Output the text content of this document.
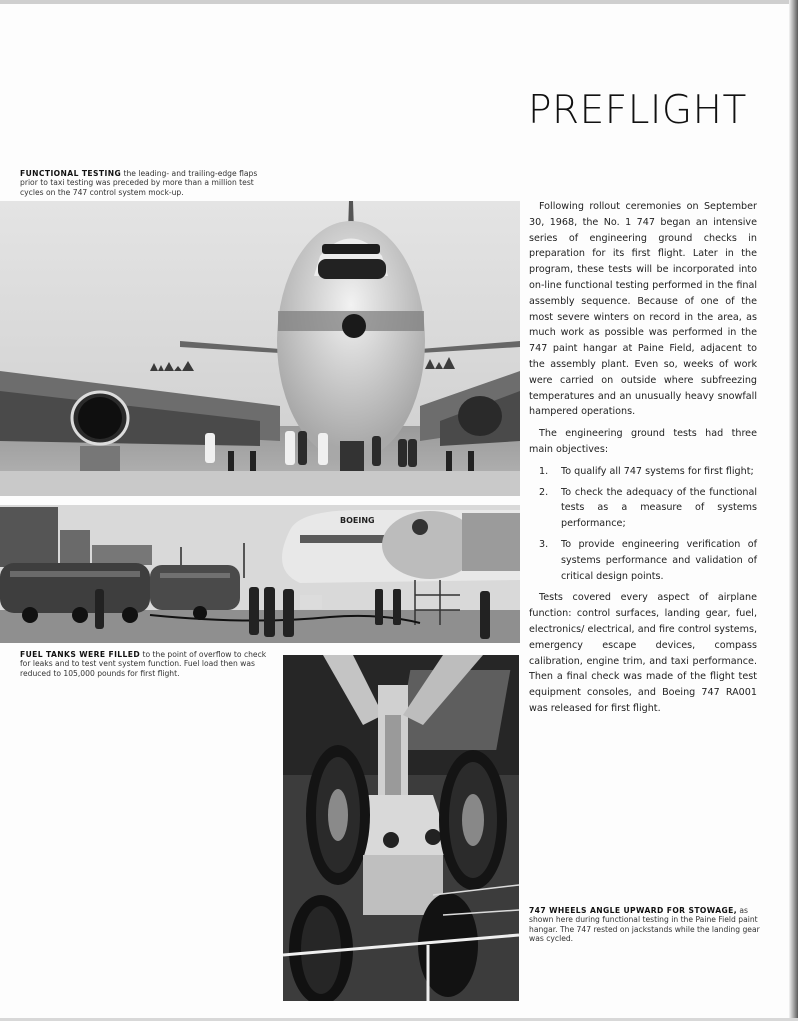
PREFLIGHT
FUNCTIONAL TESTING the leading- and trailing-edge flaps prior to taxi testing was preceded by more than a million test cycles on the 747 control system mock-up.
BOEING
FUEL TANKS WERE FILLED to the point of overflow to check for leaks and to test vent system function. Fuel load then was reduced to 105,000 pounds for first flight.
747 WHEELS ANGLE UPWARD FOR STOWAGE, as shown here during functional testing in the Paine Field paint hangar. The 747 rested on jackstands while the landing gear was cycled.

Following rollout ceremonies on September 30, 1968, the No. 1 747 began an intensive series of engineering ground checks in preparation for its first flight. Later in the program, these tests will be incorporated into on-line functional testing performed in the final assembly sequence. Because of one of the most severe winters on record in the area, as much work as possible was performed in the 747 paint hangar at Paine Field, adjacent to the assembly plant. Even so, weeks of work were carried on outside where subfreezing temperatures and an unusually heavy snowfall hampered operations.

The engineering ground tests had three main objectives:

1.	To qualify all 747 systems for first flight;
2.	To check the adequacy of the functional tests as a measure of systems performance;
3.	To provide engineering verification of systems performance and validation of critical design points.

Tests covered every aspect of airplane function: control surfaces, landing gear, fuel, electronics/ electrical, and fire control systems, emergency escape devices, compass calibration, engine trim, and taxi performance. Then a final check was made of the flight test equipment consoles, and Boeing 747 RA001 was released for first flight.
